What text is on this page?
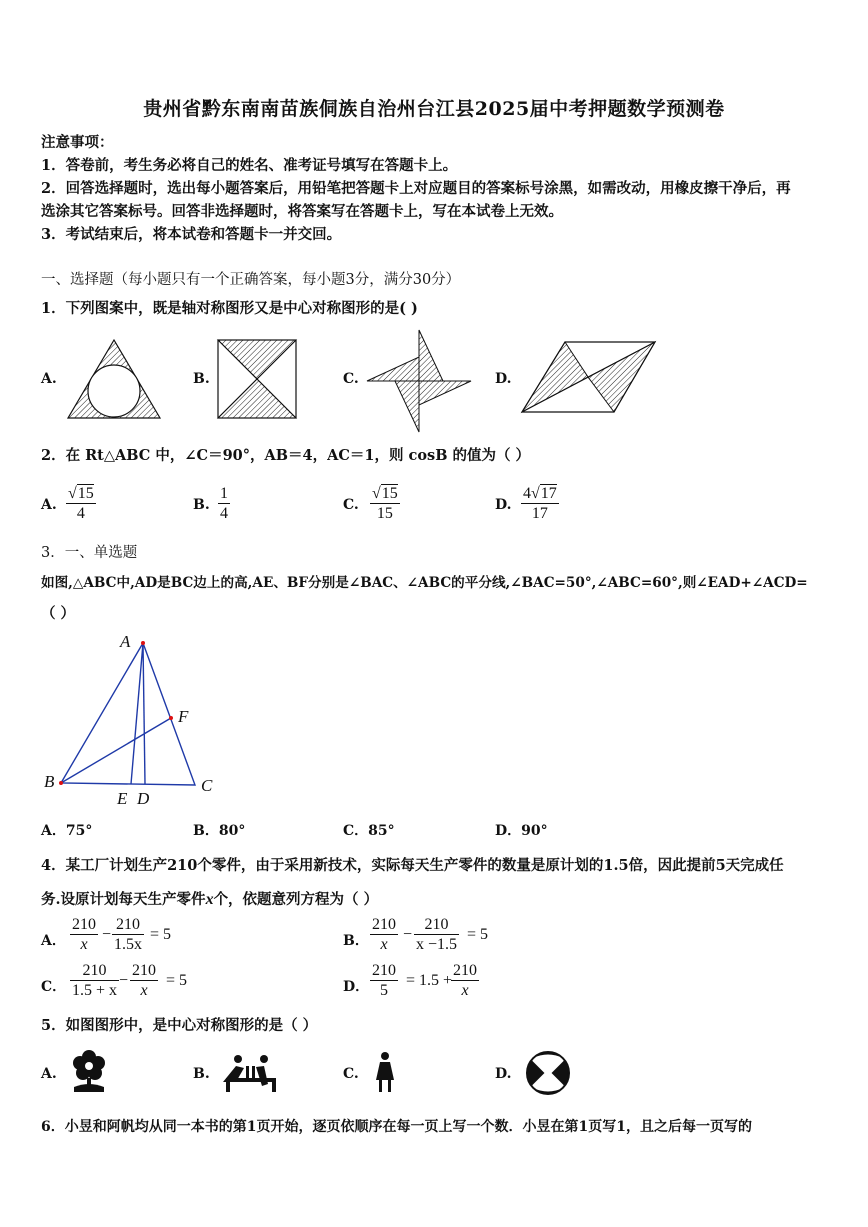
贵州省黔东南南苗族侗族自治州台江县2025届中考押题数学预测卷
注意事项：
1．答卷前，考生务必将自己的姓名、准考证号填写在答题卡上。
2．回答选择题时，选出每小题答案后，用铅笔把答题卡上对应题目的答案标号涂黑，如需改动，用橡皮擦干净后，再
选涂其它答案标号。回答非选择题时，将答案写在答题卡上，写在本试卷上无效。
3．考试结束后，将本试卷和答题卡一并交回。
一、选择题（每小题只有一个正确答案，每小题3分，满分30分）
1．下列图案中，既是轴对称图形又是中心对称图形的是( )
A.	B.	C.	D.
2．在 Rt△ABC 中，∠C＝90°，AB＝4，AC＝1，则 cosB 的值为（ ）
A.	B.	C.	D.
$\frac{√15}{4}$	$\frac{1}{4}$	$\frac{√15}{15}$	$\frac{4√17}{17}$
3．一、单选题
如图,△ABC中,AD是BC边上的高,AE、BF分别是∠BAC、∠ABC的平分线,∠BAC=50°,∠ABC=60°,则∠EAD+∠ACD=
（ ）
A
F
B	C
E D
A．75°	B．80°	C．85°	D．90°
4．某工厂计划生产210个零件，由于采用新技术，实际每天生产零件的数量是原计划的1.5倍，因此提前5天完成任
务.设原计划每天生产零件x个，依题意列方程为（ ）
A． $\frac{210}{x} - \frac{210}{1.5x} = 5$	B． $\frac{210}{x} - \frac{210}{x -1.5} = 5$
C． $\frac{210}{1.5 + x} - \frac{210}{x} = 5$	D． $\frac{210}{5} = 1.5$ +
$\frac{210}{x}$
5．如图图形中，是中心对称图形的是（ ）
A.	B.	C.	D.
6．小昱和阿帆均从同一本书的第1页开始，逐页依顺序在每一页上写一个数．小昱在第1页写1，且之后每一页写的
